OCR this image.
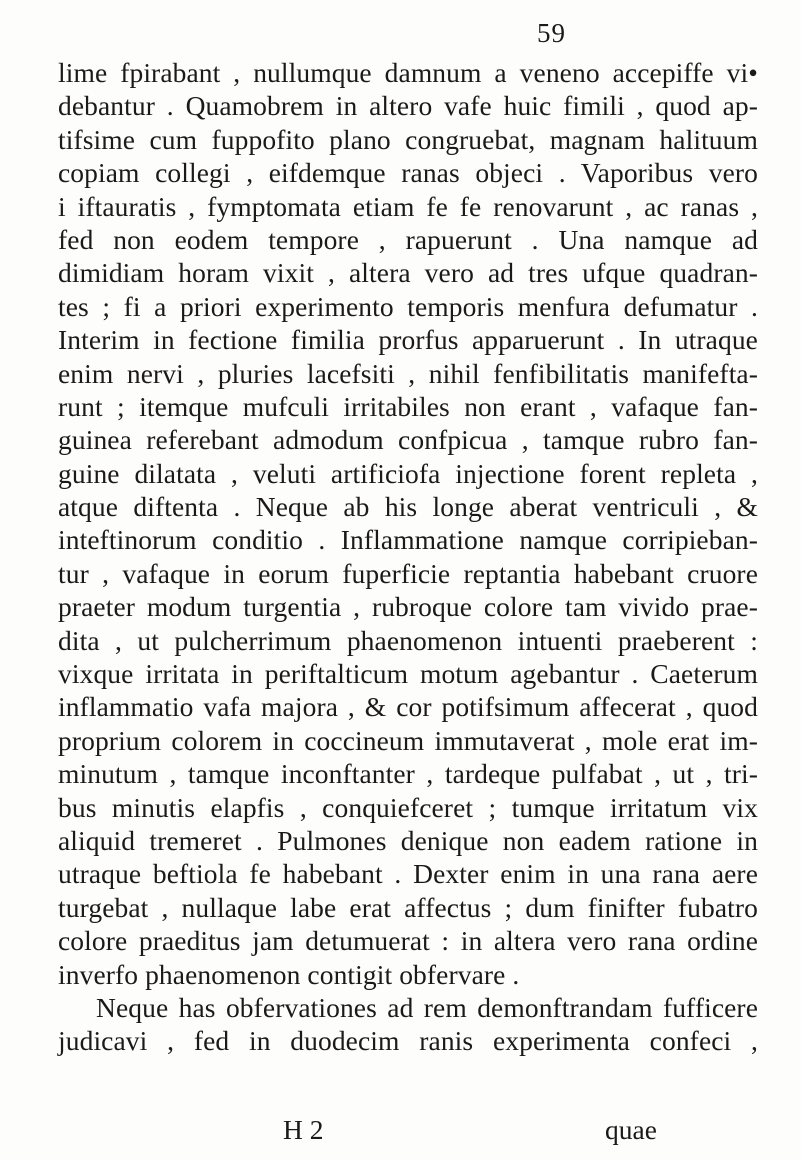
59
lime fpirabant , nullumque damnum a veneno accepiffe vi•
debantur . Quamobrem in altero vafe huic fimili , quod ap-
tifsime cum fuppofito plano congruebat, magnam halituum
copiam collegi , eifdemque ranas objeci . Vaporibus vero
i iftauratis , fymptomata etiam fe fe renovarunt , ac ranas ,
fed non eodem tempore , rapuerunt . Una namque ad
dimidiam horam vixit , altera vero ad tres ufque quadran-
tes ; fi a priori experimento temporis menfura defumatur .
Interim in fectione fimilia prorfus apparuerunt . In utraque
enim nervi , pluries lacefsiti , nihil fenfibilitatis manifefta-
runt ; itemque mufculi irritabiles non erant , vafaque fan-
guinea referebant admodum confpicua , tamque rubro fan-
guine dilatata , veluti artificiofa injectione forent repleta ,
atque diftenta . Neque ab his longe aberat ventriculi , &
inteftinorum conditio . Inflammatione namque corripieban-
tur , vafaque in eorum fuperficie reptantia habebant cruore
praeter modum turgentia , rubroque colore tam vivido prae-
dita , ut pulcherrimum phaenomenon intuenti praeberent :
vixque irritata in periftalticum motum agebantur . Caeterum
inflammatio vafa majora , & cor potifsimum affecerat , quod
proprium colorem in coccineum immutaverat , mole erat im-
minutum , tamque inconftanter , tardeque pulfabat , ut , tri-
bus minutis elapfis , conquiefceret ; tumque irritatum vix
aliquid tremeret . Pulmones denique non eadem ratione in
utraque beftiola fe habebant . Dexter enim in una rana aere
turgebat , nullaque labe erat affectus ; dum finifter fubatro
colore praeditus jam detumuerat : in altera vero rana ordine
inverfo phaenomenon contigit obfervare .
Neque has obfervationes ad rem demonftrandam fufficere
judicavi , fed in duodecim ranis experimenta confeci ,
H 2	quae
